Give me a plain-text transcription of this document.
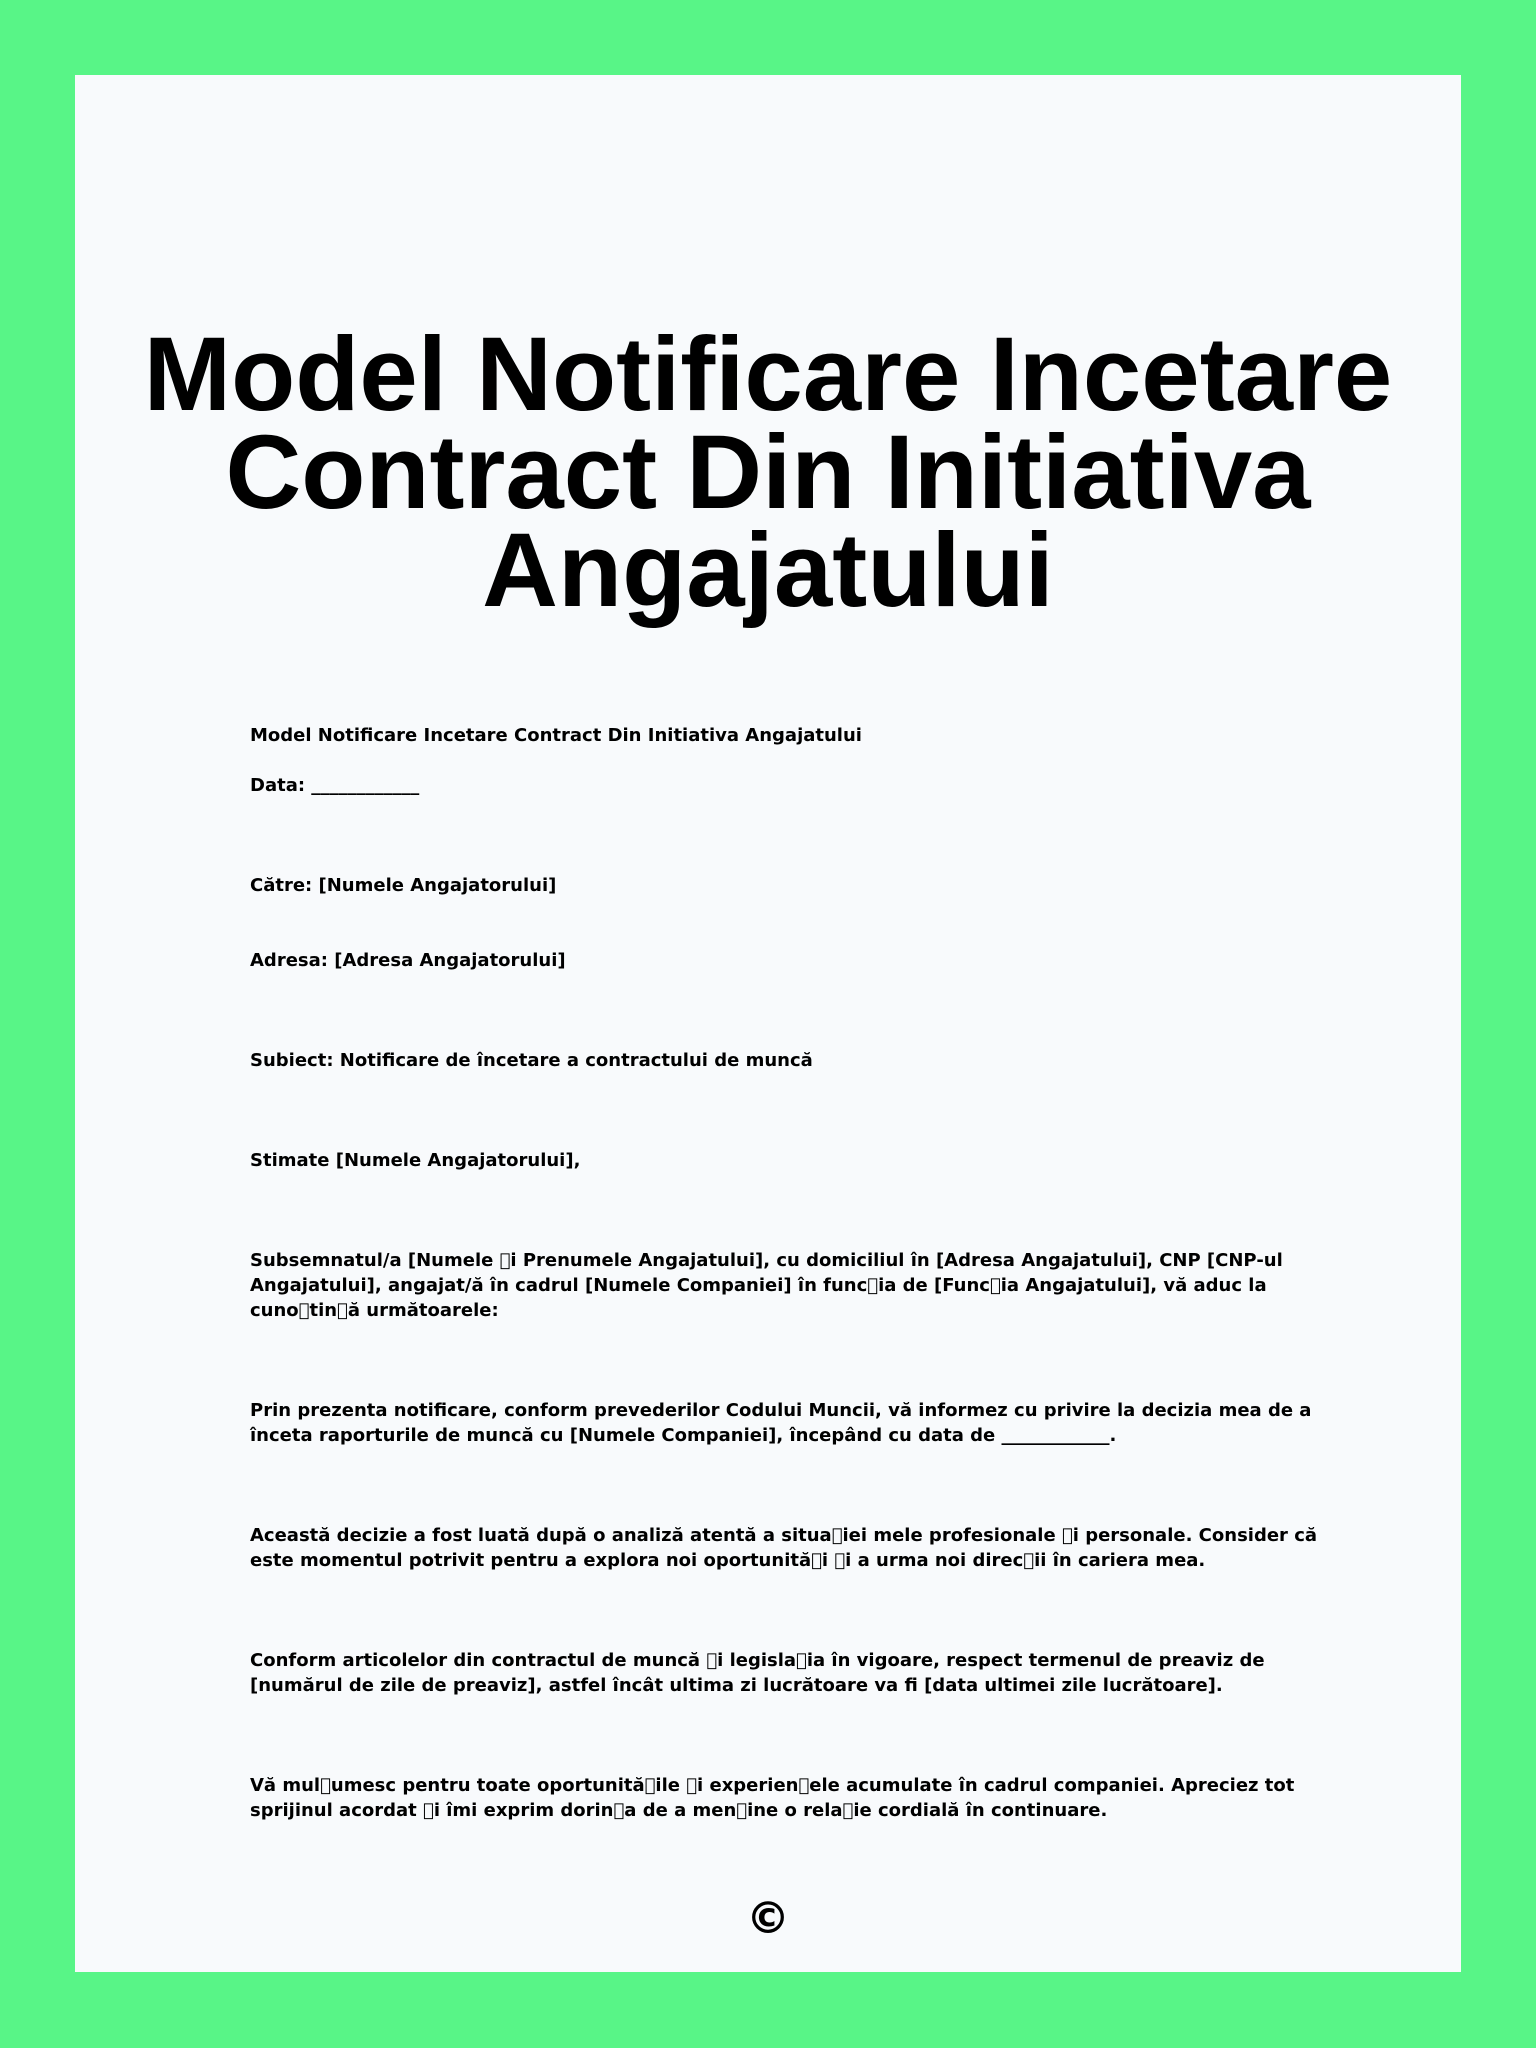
Model Notificare Incetare Contract Din Initiativa Angajatului

Model Notificare Incetare Contract Din Initiativa Angajatului

Data: ____________

Către: [Numele Angajatorului]

Adresa: [Adresa Angajatorului]

Subiect: Notificare de încetare a contractului de muncă

Stimate [Numele Angajatorului],

Subsemnatul/a [Numele  i Prenumele Angajatului], cu domiciliul în [Adresa Angajatului], CNP [CNP-ul Angajatului], angajat/ă în cadrul [Numele Companiei] în func ia de [Func ia Angajatului], vă aduc la cuno tin ă următoarele:

Prin prezenta notificare, conform prevederilor Codului Muncii, vă informez cu privire la decizia mea de a înceta raporturile de muncă cu [Numele Companiei], începând cu data de ____________.

Această decizie a fost luată după o analiză atentă a situa iei mele profesionale  i personale. Consider că este momentul potrivit pentru a explora noi oportunită i  i a urma noi direc ii în cariera mea.

Conform articolelor din contractul de muncă  i legisla ia în vigoare, respect termenul de preaviz de [numărul de zile de preaviz], astfel încât ultima zi lucrătoare va fi [data ultimei zile lucrătoare].

Vă mul umesc pentru toate oportunită ile  i experien ele acumulate în cadrul companiei. Apreciez tot sprijinul acordat  i îmi exprim dorin a de a men ine o rela ie cordială în continuare.

©
